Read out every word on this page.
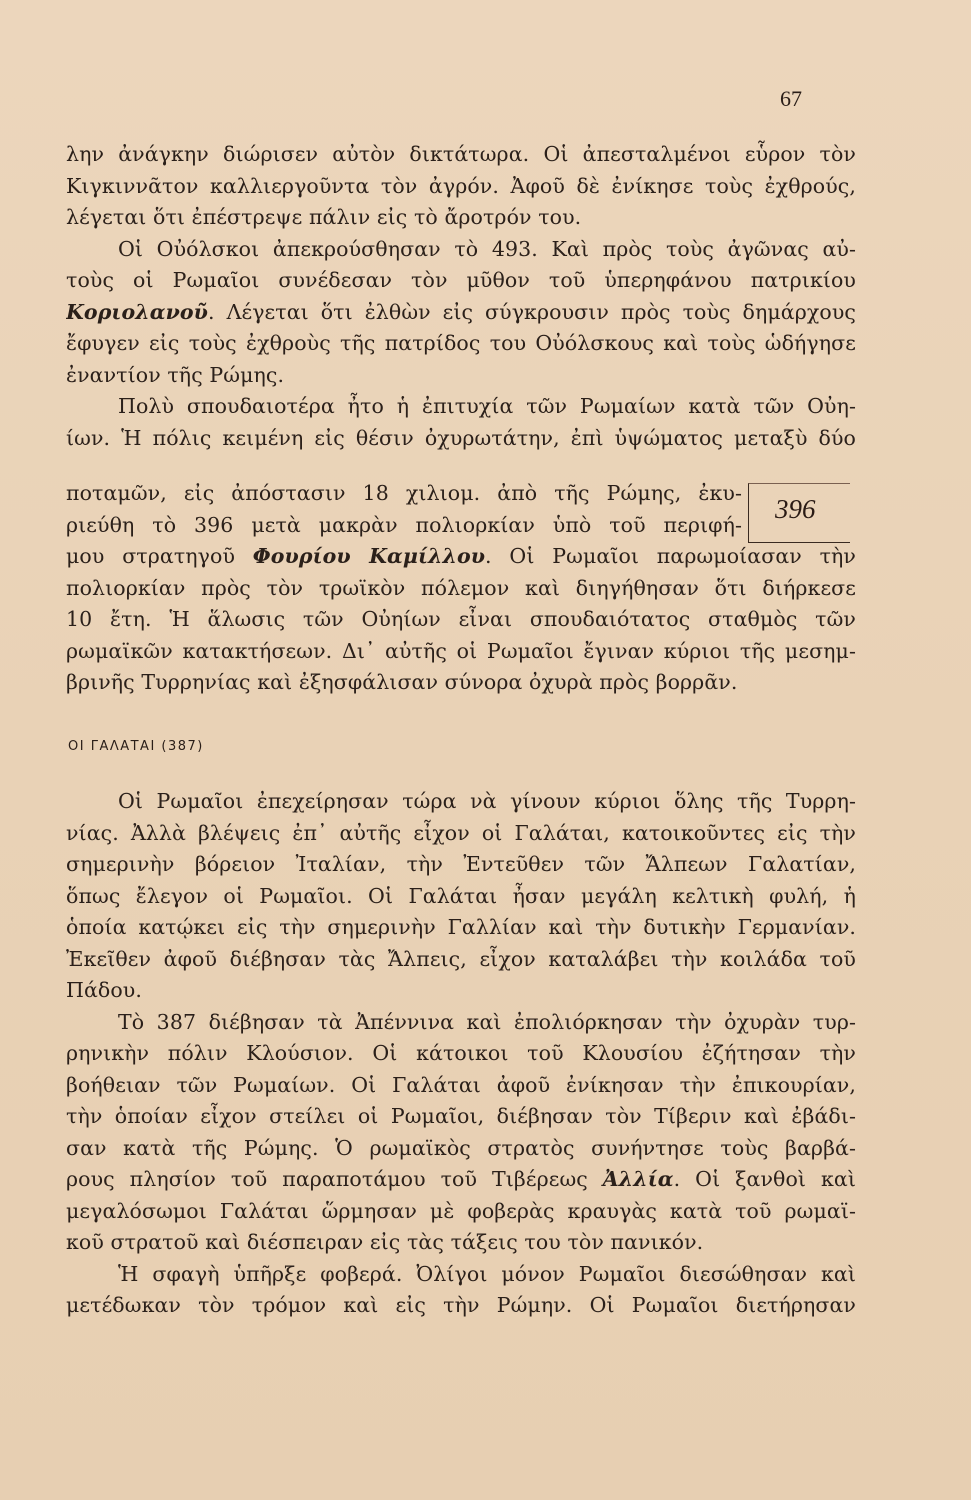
67
λην ἀνάγκην διώρισεν αὐτὸν δικτάτωρα. Οἱ ἀπεσταλμένοι εὗρον τὸν
Κιγκιννᾶτον καλλιεργοῦντα τὸν ἀγρόν. Ἀφοῦ δὲ ἐνίκησε τοὺς ἐχθρούς,
λέγεται ὅτι ἐπέστρεψε πάλιν εἰς τὸ ἄροτρόν του.
Οἱ Οὐόλσκοι ἀπεκρούσθησαν τὸ 493. Καὶ πρὸς τοὺς ἀγῶνας αὐ-
τοὺς οἱ Ρωμαῖοι συνέδεσαν τὸν μῦθον τοῦ ὑπερηφάνου πατρικίου
Κοριολανοῦ. Λέγεται ὅτι ἐλθὼν εἰς σύγκρουσιν πρὸς τοὺς δημάρχους
ἔφυγεν εἰς τοὺς ἐχθροὺς τῆς πατρίδος του Οὐόλσκους καὶ τοὺς ὡδήγησε
ἐναντίον τῆς Ρώμης.
Πολὺ σπουδαιοτέρα ἦτο ἡ ἐπιτυχία τῶν Ρωμαίων κατὰ τῶν Οὐη-
ίων. Ἡ πόλις κειμένη εἰς θέσιν ὀχυρωτάτην, ἐπὶ ὑψώματος μεταξὺ δύο
ποταμῶν, εἰς ἀπόστασιν 18 χιλιομ. ἀπὸ τῆς Ρώμης, ἐκυ-
ριεύθη τὸ 396 μετὰ μακρὰν πολιορκίαν ὑπὸ τοῦ περιφή-
396
μου στρατηγοῦ Φουρίου Καμίλλου. Οἱ Ρωμαῖοι παρωμοίασαν τὴν
πολιορκίαν πρὸς τὸν τρωϊκὸν πόλεμον καὶ διηγήθησαν ὅτι διήρκεσε
10 ἔτη. Ἡ ἅλωσις τῶν Οὐηίων εἶναι σπουδαιότατος σταθμὸς τῶν
ρωμαϊκῶν κατακτήσεων. Δι᾿ αὐτῆς οἱ Ρωμαῖοι ἔγιναν κύριοι τῆς μεσημ-
βρινῆς Τυρρηνίας καὶ ἐξησφάλισαν σύνορα ὀχυρὰ πρὸς βορρᾶν.
ΟΙ ΓΑΛΑΤΑΙ (387)
Οἱ Ρωμαῖοι ἐπεχείρησαν τώρα νὰ γίνουν κύριοι ὅλης τῆς Τυρρη-
νίας. Ἀλλὰ βλέψεις ἐπ᾿ αὐτῆς εἶχον οἱ Γαλάται, κατοικοῦντες εἰς τὴν
σημερινὴν βόρειον Ἰταλίαν, τὴν Ἐντεῦθεν τῶν Ἄλπεων Γαλατίαν,
ὅπως ἔλεγον οἱ Ρωμαῖοι. Οἱ Γαλάται ἦσαν μεγάλη κελτικὴ φυλή, ἡ
ὁποία κατῴκει εἰς τὴν σημερινὴν Γαλλίαν καὶ τὴν δυτικὴν Γερμανίαν.
Ἐκεῖθεν ἀφοῦ διέβησαν τὰς Ἄλπεις, εἶχον καταλάβει τὴν κοιλάδα τοῦ
Πάδου.
Τὸ 387 διέβησαν τὰ Ἀπέννινα καὶ ἐπολιόρκησαν τὴν ὀχυρὰν τυρ-
ρηνικὴν πόλιν Κλούσιον. Οἱ κάτοικοι τοῦ Κλουσίου ἐζήτησαν τὴν
βοήθειαν τῶν Ρωμαίων. Οἱ Γαλάται ἀφοῦ ἐνίκησαν τὴν ἐπικουρίαν,
τὴν ὁποίαν εἶχον στείλει οἱ Ρωμαῖοι, διέβησαν τὸν Τίβεριν καὶ ἐβάδι-
σαν κατὰ τῆς Ρώμης. Ὁ ρωμαϊκὸς στρατὸς συνήντησε τοὺς βαρβά-
ρους πλησίον τοῦ παραποτάμου τοῦ Τιβέρεως Ἀλλία. Οἱ ξανθοὶ καὶ
μεγαλόσωμοι Γαλάται ὥρμησαν μὲ φοβερὰς κραυγὰς κατὰ τοῦ ρωμαϊ-
κοῦ στρατοῦ καὶ διέσπειραν εἰς τὰς τάξεις του τὸν πανικόν.
Ἡ σφαγὴ ὑπῆρξε φοβερά. Ὀλίγοι μόνον Ρωμαῖοι διεσώθησαν καὶ
μετέδωκαν τὸν τρόμον καὶ εἰς τὴν Ρώμην. Οἱ Ρωμαῖοι διετήρησαν
